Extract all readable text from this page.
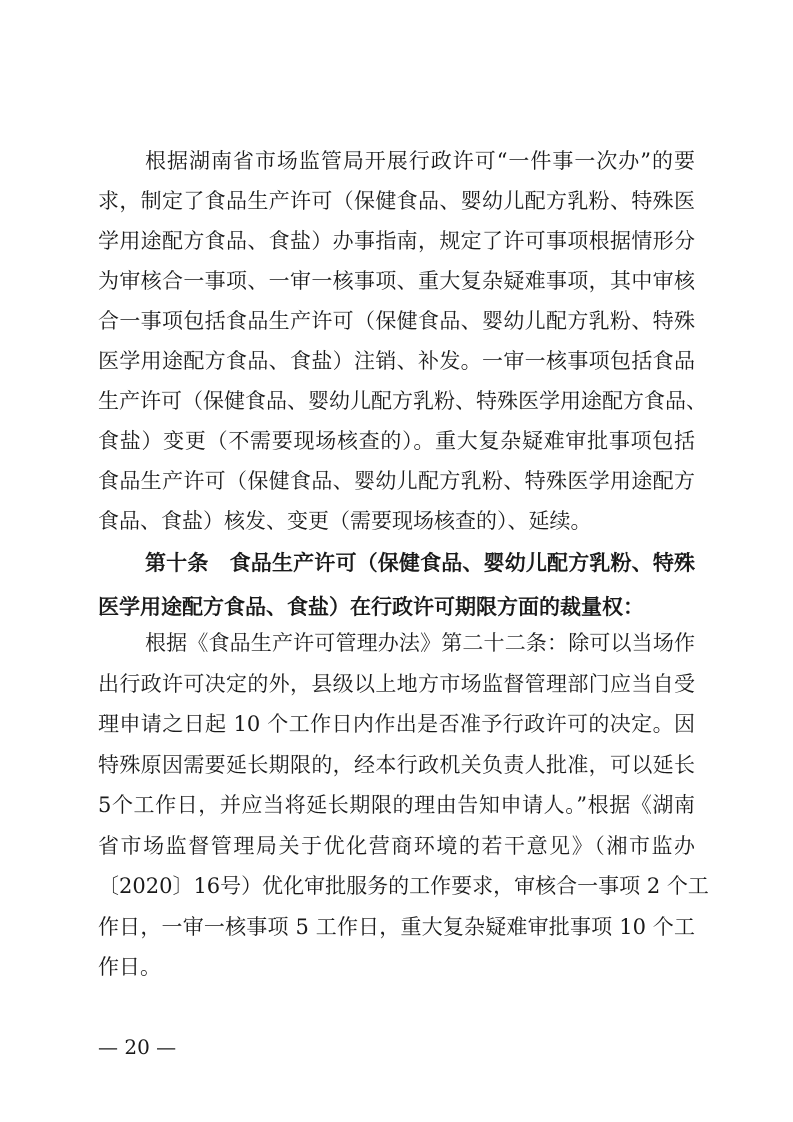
根据湖南省市场监管局开展行政许可“一件事一次办”的要
求，制定了食品生产许可（保健食品、婴幼儿配方乳粉、特殊医
学用途配方食品、食盐）办事指南，规定了许可事项根据情形分
为审核合一事项、一审一核事项、重大复杂疑难事项，其中审核
合一事项包括食品生产许可（保健食品、婴幼儿配方乳粉、特殊
医学用途配方食品、食盐）注销、补发。一审一核事项包括食品
生产许可（保健食品、婴幼儿配方乳粉、特殊医学用途配方食品、
食盐）变更（不需要现场核查的）。重大复杂疑难审批事项包括
食品生产许可（保健食品、婴幼儿配方乳粉、特殊医学用途配方
食品、食盐）核发、变更（需要现场核查的）、延续。
第十条　食品生产许可（保健食品、婴幼儿配方乳粉、特殊
医学用途配方食品、食盐）在行政许可期限方面的裁量权：
根据《食品生产许可管理办法》第二十二条：除可以当场作
出行政许可决定的外，县级以上地方市场监督管理部门应当自受
理申请之日起 10 个工作日内作出是否准予行政许可的决定。因
特殊原因需要延长期限的，经本行政机关负责人批准，可以延长
5个工作日，并应当将延长期限的理由告知申请人。”根据《湖南
省市场监督管理局关于优化营商环境的若干意见》（湘市监办
〔2020〕16号）优化审批服务的工作要求，审核合一事项 2 个工
作日，一审一核事项 5 工作日，重大复杂疑难审批事项 10 个工
作日。
— 20 —
